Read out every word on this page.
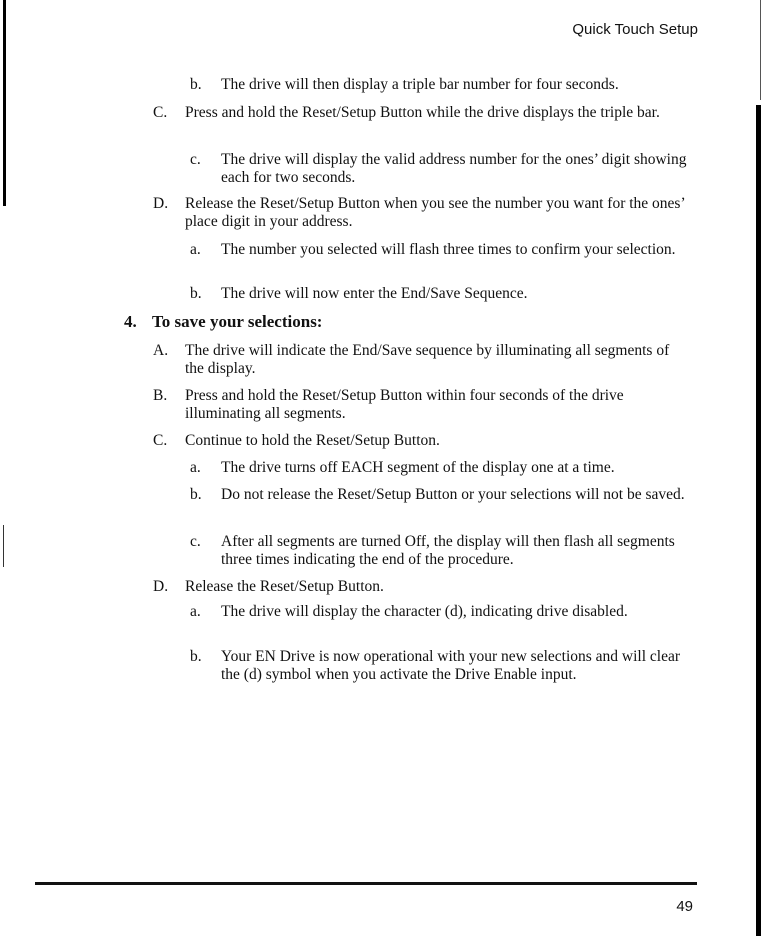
Quick Touch Setup
b.	The drive will then display a triple bar number for four seconds.
C. Press and hold the Reset/Setup Button while the drive displays the triple bar.
c. The drive will display the valid address number for the ones’ digit showing each for two seconds.
D. Release the Reset/Setup Button when you see the number you want for the ones’ place digit in your address.
a. The number you selected will flash three times to confirm your selection.
b. The drive will now enter the End/Save Sequence.
4. To save your selections:
A. The drive will indicate the End/Save sequence by illuminating all segments of the display.
B. Press and hold the Reset/Setup Button within four seconds of the drive illuminating all segments.
C. Continue to hold the Reset/Setup Button.
a. The drive turns off EACH segment of the display one at a time.
b. Do not release the Reset/Setup Button or your selections will not be saved.
c. After all segments are turned Off, the display will then flash all segments three times indicating the end of the procedure.
D. Release the Reset/Setup Button.
a. The drive will display the character (d), indicating drive disabled.
b. Your EN Drive is now operational with your new selections and will clear the (d) symbol when you activate the Drive Enable input.
49
